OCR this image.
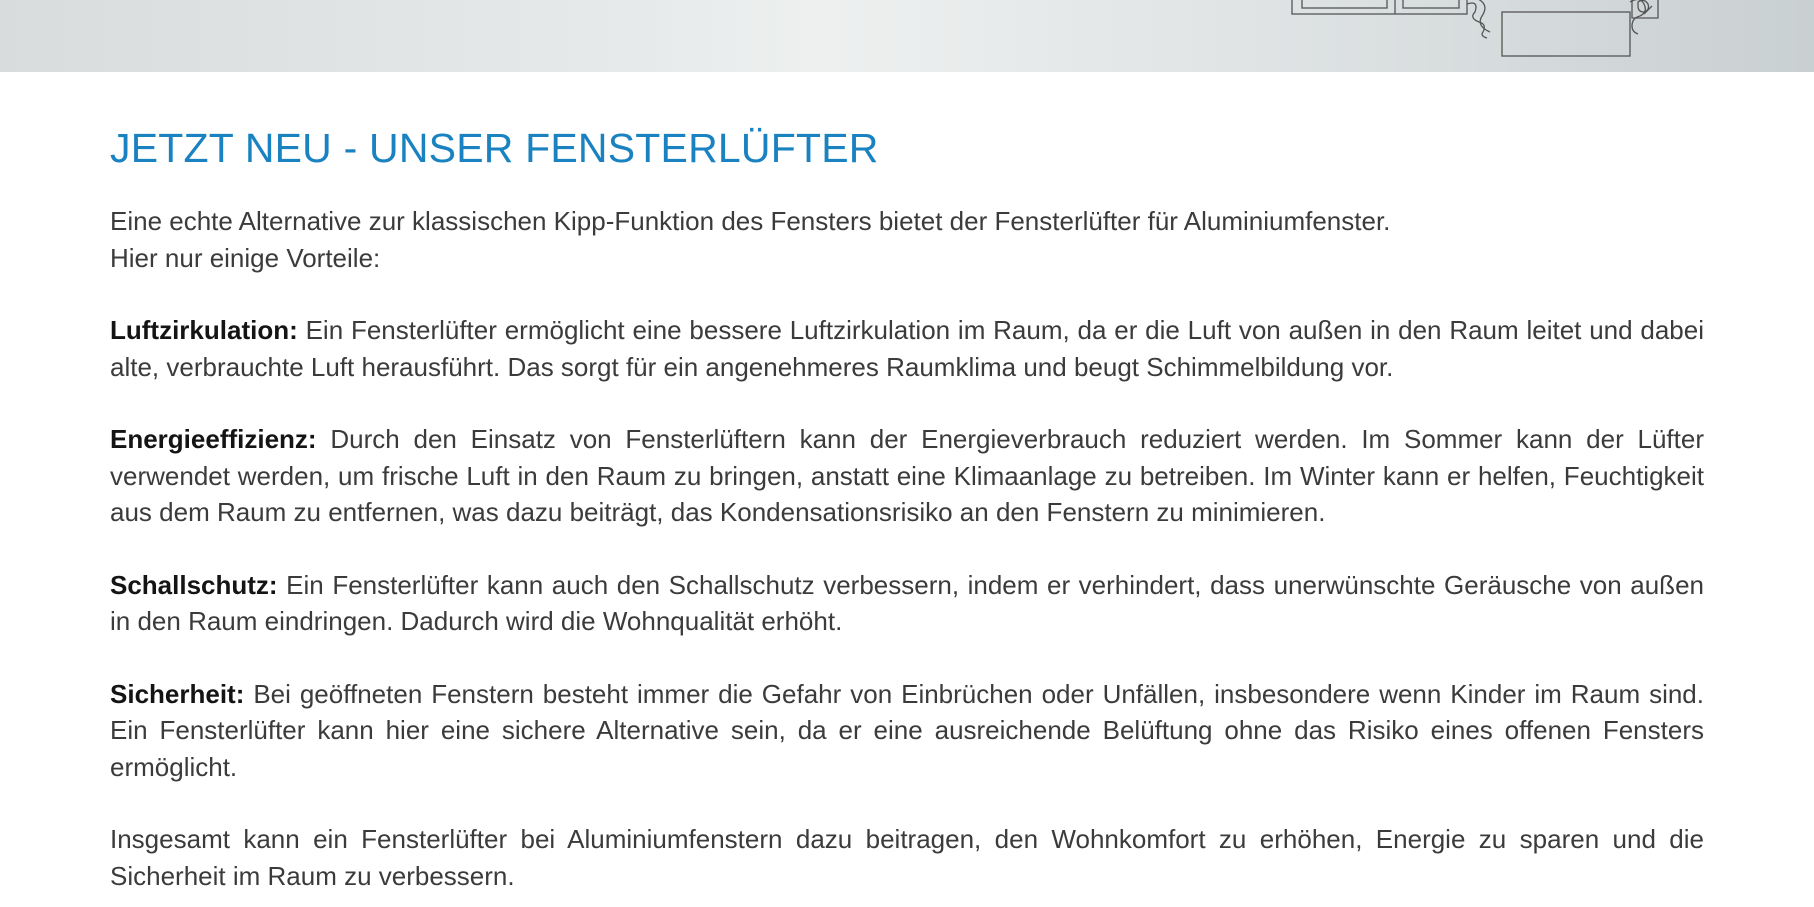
JETZT NEU - UNSER FENSTERLÜFTER

Eine echte Alternative zur klassischen Kipp-Funktion des Fensters bietet der Fensterlüfter für Aluminiumfenster.
Hier nur einige Vorteile:

Luftzirkulation: Ein Fensterlüfter ermöglicht eine bessere Luftzirkulation im Raum, da er die Luft von außen in den Raum leitet und dabei alte, verbrauchte Luft herausführt. Das sorgt für ein angenehmeres Raumklima und beugt Schimmelbildung vor.

Energieeffizienz: Durch den Einsatz von Fensterlüftern kann der Energieverbrauch reduziert werden. Im Sommer kann der Lüfter verwendet werden, um frische Luft in den Raum zu bringen, anstatt eine Klimaanlage zu betreiben. Im Winter kann er helfen, Feuchtigkeit aus dem Raum zu entfernen, was dazu beiträgt, das Kondensationsrisiko an den Fenstern zu minimieren.

Schallschutz: Ein Fensterlüfter kann auch den Schallschutz verbessern, indem er verhindert, dass unerwünschte Geräusche von außen in den Raum eindringen. Dadurch wird die Wohnqualität erhöht.

Sicherheit: Bei geöffneten Fenstern besteht immer die Gefahr von Einbrüchen oder Unfällen, insbesondere wenn Kinder im Raum sind. Ein Fensterlüfter kann hier eine sichere Alternative sein, da er eine ausreichende Belüftung ohne das Risiko eines offenen Fensters ermöglicht.

Insgesamt kann ein Fensterlüfter bei Aluminiumfenstern dazu beitragen, den Wohnkomfort zu erhöhen, Energie zu sparen und die Sicherheit im Raum zu verbessern.
